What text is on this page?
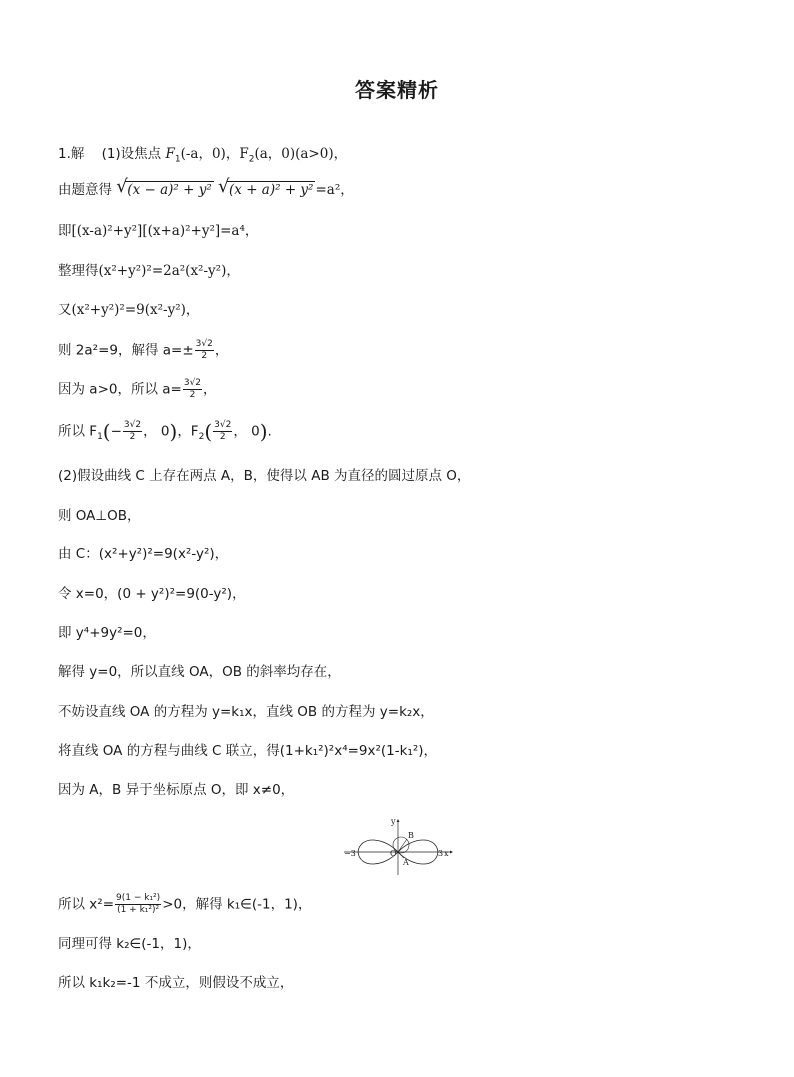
答案精析
1.解 (1)设焦点 $F_1(-a$，0)，$F_2(a$，0)(a>0)，
由题意得 √ (x − a)² + y² √ (x + a)² + y² =a²，
即[(x-a)²+y²][(x+a)²+y²]=a⁴，
整理得(x²+y²)²=2a²(x²-y²)，
又(x²+y²)²=9(x²-y²)，
则 2a²=9，解得 $a=\pm \frac{3√2}{2}$ ，
因为 a>0，所以 $a= \frac{3√2}{2}$ ，
所以 $F_1(- \frac{3√2}{2}$ ， 0)，$F_2( \frac{3√2}{2}$ ， 0).
(2)假设曲线 C 上存在两点 A，B，使得以 AB 为直径的圆过原点 O，
则 OA⊥OB，
由 C：(x²+y²)²=9(x²-y²)，
令 x=0，(0 + y²)²=9(0-y²)，
即 y⁴+9y²=0，
解得 y=0，所以直线 OA，OB 的斜率均存在，
不妨设直线 OA 的方程为 y=k₁x，直线 OB 的方程为 y=k₂x，
将直线 OA 的方程与曲线 C 联立，得(1+k₁²)²x⁴=9x²(1-k₁²)，
因为 A，B 异于坐标原点 O，即 x≠0，
y
B
O
A
−3	3 x
所以 $x^2= \frac{\text{9(1 − k₁²)}}{\text{(1 + k₁²)²}} >0$，解得 k₁∈(-1，1)，
同理可得 k₂∈(-1，1)，
所以 k₁k₂=-1 不成立，则假设不成立，
